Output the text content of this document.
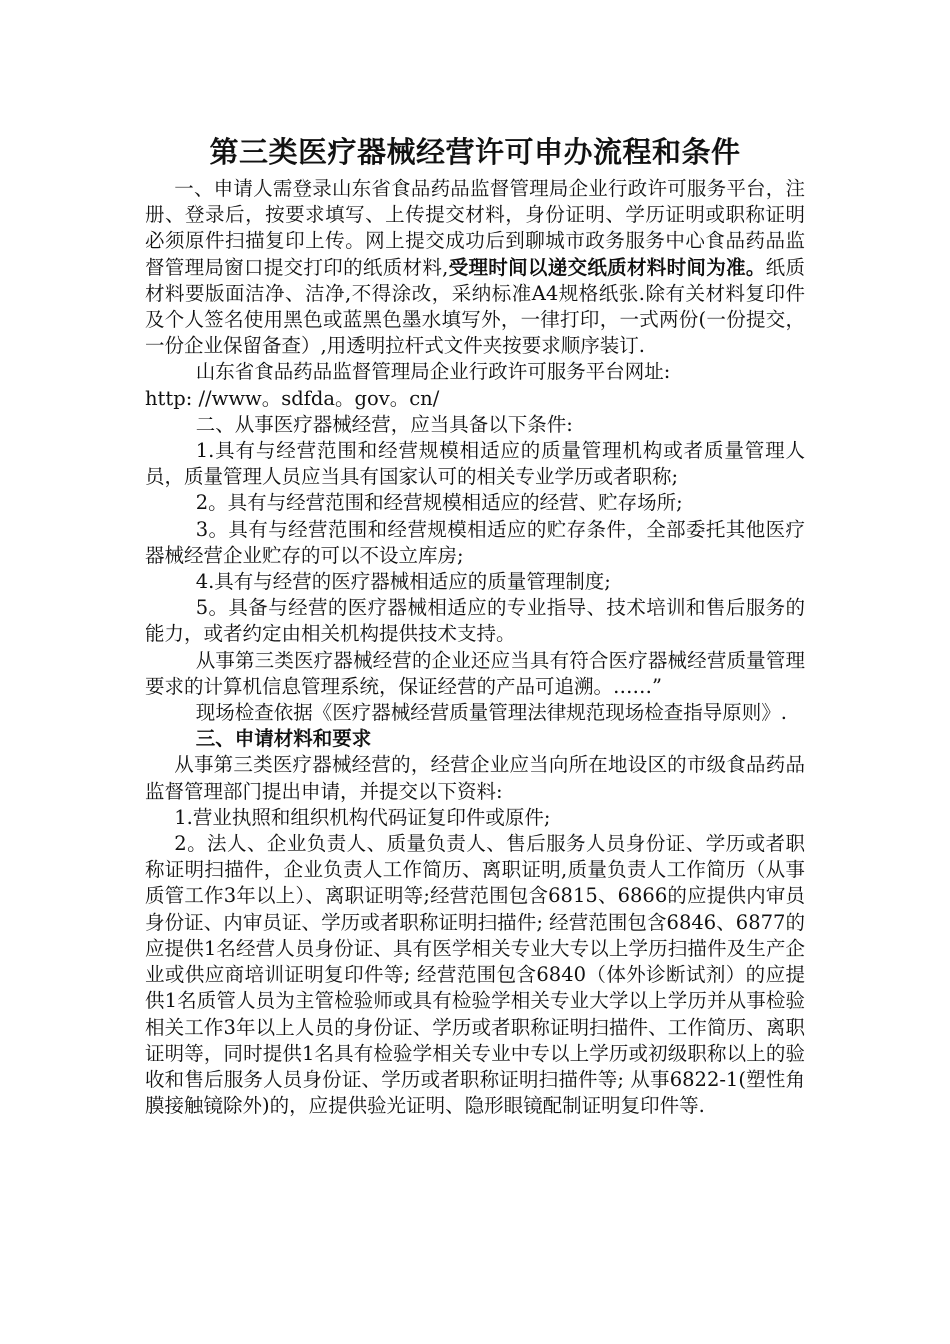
第三类医疗器械经营许可申办流程和条件

一、申请人需登录山东省食品药品监督管理局企业行政许可服务平台，注册、登录后，按要求填写、上传提交材料，身份证明、学历证明或职称证明必须原件扫描复印上传。网上提交成功后到聊城市政务服务中心食品药品监督管理局窗口提交打印的纸质材料,受理时间以递交纸质材料时间为准。纸质材料要版面洁净、洁净,不得涂改，采纳标准A4规格纸张.除有关材料复印件及个人签名使用黑色或蓝黑色墨水填写外，一律打印，一式两份(一份提交，一份企业保留备查）,用透明拉杆式文件夹按要求顺序装订.

山东省食品药品监督管理局企业行政许可服务平台网址:

http: //www。sdfda。gov。cn/

二、从事医疗器械经营，应当具备以下条件:

1.具有与经营范围和经营规模相适应的质量管理机构或者质量管理人员，质量管理人员应当具有国家认可的相关专业学历或者职称;

2。具有与经营范围和经营规模相适应的经营、贮存场所;

3。具有与经营范围和经营规模相适应的贮存条件，全部委托其他医疗器械经营企业贮存的可以不设立库房;

4.具有与经营的医疗器械相适应的质量管理制度;

5。具备与经营的医疗器械相适应的专业指导、技术培训和售后服务的能力，或者约定由相关机构提供技术支持。

从事第三类医疗器械经营的企业还应当具有符合医疗器械经营质量管理要求的计算机信息管理系统，保证经营的产品可追溯。……”

现场检查依据《医疗器械经营质量管理法律规范现场检查指导原则》.

三、申请材料和要求

从事第三类医疗器械经营的，经营企业应当向所在地设区的市级食品药品监督管理部门提出申请，并提交以下资料:

1.营业执照和组织机构代码证复印件或原件;

2。法人、企业负责人、质量负责人、售后服务人员身份证、学历或者职称证明扫描件，企业负责人工作简历、离职证明,质量负责人工作简历（从事质管工作3年以上）、离职证明等;经营范围包含6815、6866的应提供内审员身份证、内审员证、学历或者职称证明扫描件; 经营范围包含6846、6877的应提供1名经营人员身份证、具有医学相关专业大专以上学历扫描件及生产企业或供应商培训证明复印件等; 经营范围包含6840（体外诊断试剂）的应提供1名质管人员为主管检验师或具有检验学相关专业大学以上学历并从事检验相关工作3年以上人员的身份证、学历或者职称证明扫描件、工作简历、离职证明等，同时提供1名具有检验学相关专业中专以上学历或初级职称以上的验收和售后服务人员身份证、学历或者职称证明扫描件等; 从事6822-1(塑性角膜接触镜除外)的，应提供验光证明、隐形眼镜配制证明复印件等.
